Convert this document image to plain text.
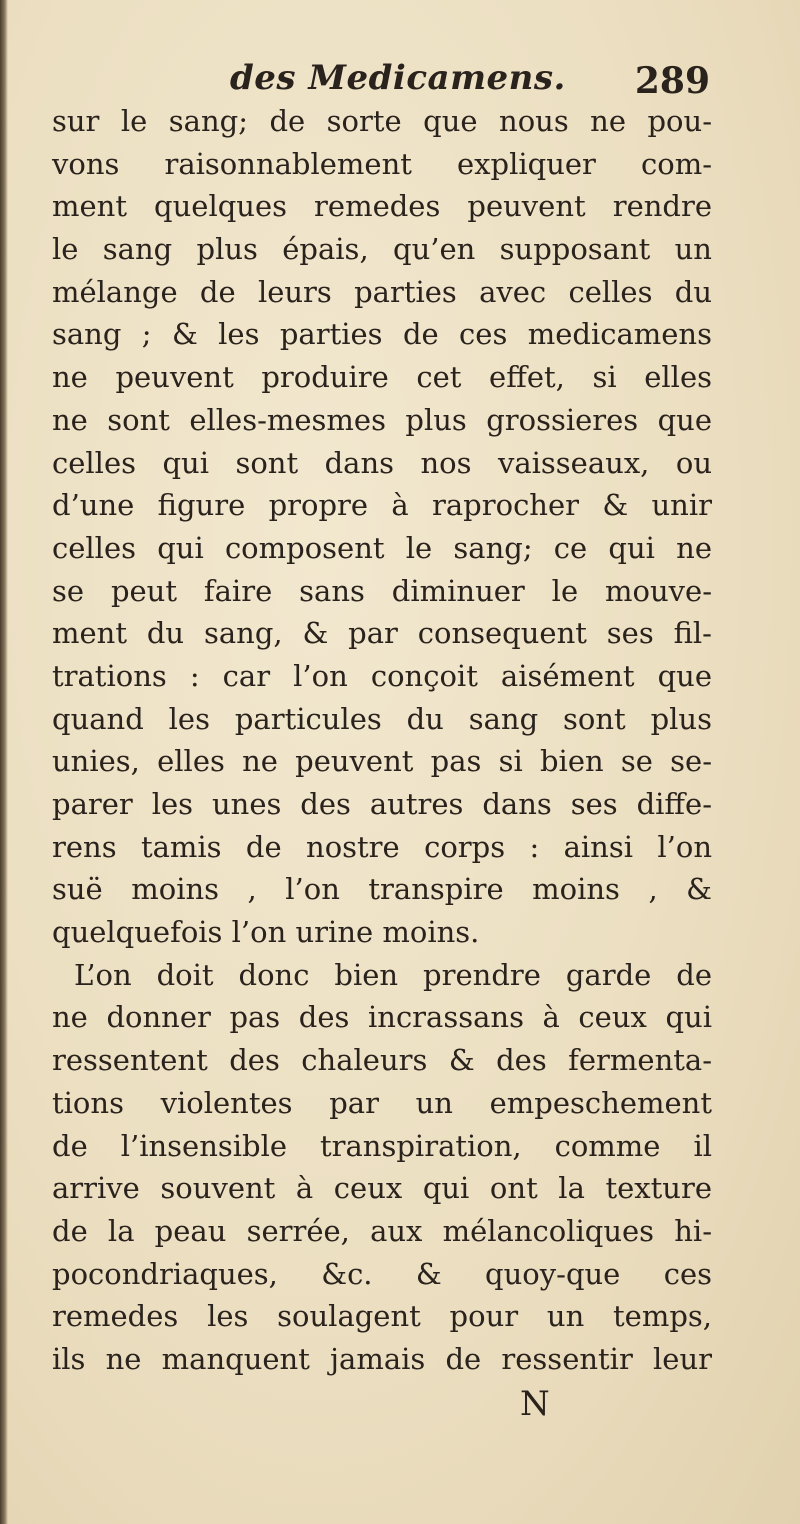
des Medicamens. 289
sur le sang; de sorte que nous ne pou-
vons raisonnablement expliquer com-
ment quelques remedes peuvent rendre
le sang plus épais, qu’en supposant un
mélange de leurs parties avec celles du
sang ; & les parties de ces medicamens
ne peuvent produire cet effet, si elles
ne sont elles-mesmes plus grossieres que
celles qui sont dans nos vaisseaux, ou
d’une figure propre à raprocher & unir
celles qui composent le sang; ce qui ne
se peut faire sans diminuer le mouve-
ment du sang, & par consequent ses fil-
trations : car l’on conçoit aisément que
quand les particules du sang sont plus
unies, elles ne peuvent pas si bien se se-
parer les unes des autres dans ses diffe-
rens tamis de nostre corps : ainsi l’on
suë moins , l’on transpire moins , &
quelquefois l’on urine moins.
L’on doit donc bien prendre garde de
ne donner pas des incrassans à ceux qui
ressentent des chaleurs & des fermenta-
tions violentes par un empeschement
de l’insensible transpiration, comme il
arrive souvent à ceux qui ont la texture
de la peau serrée, aux mélancoliques hi-
pocondriaques, &c. & quoy-que ces
remedes les soulagent pour un temps,
ils ne manquent jamais de ressentir leur
N
